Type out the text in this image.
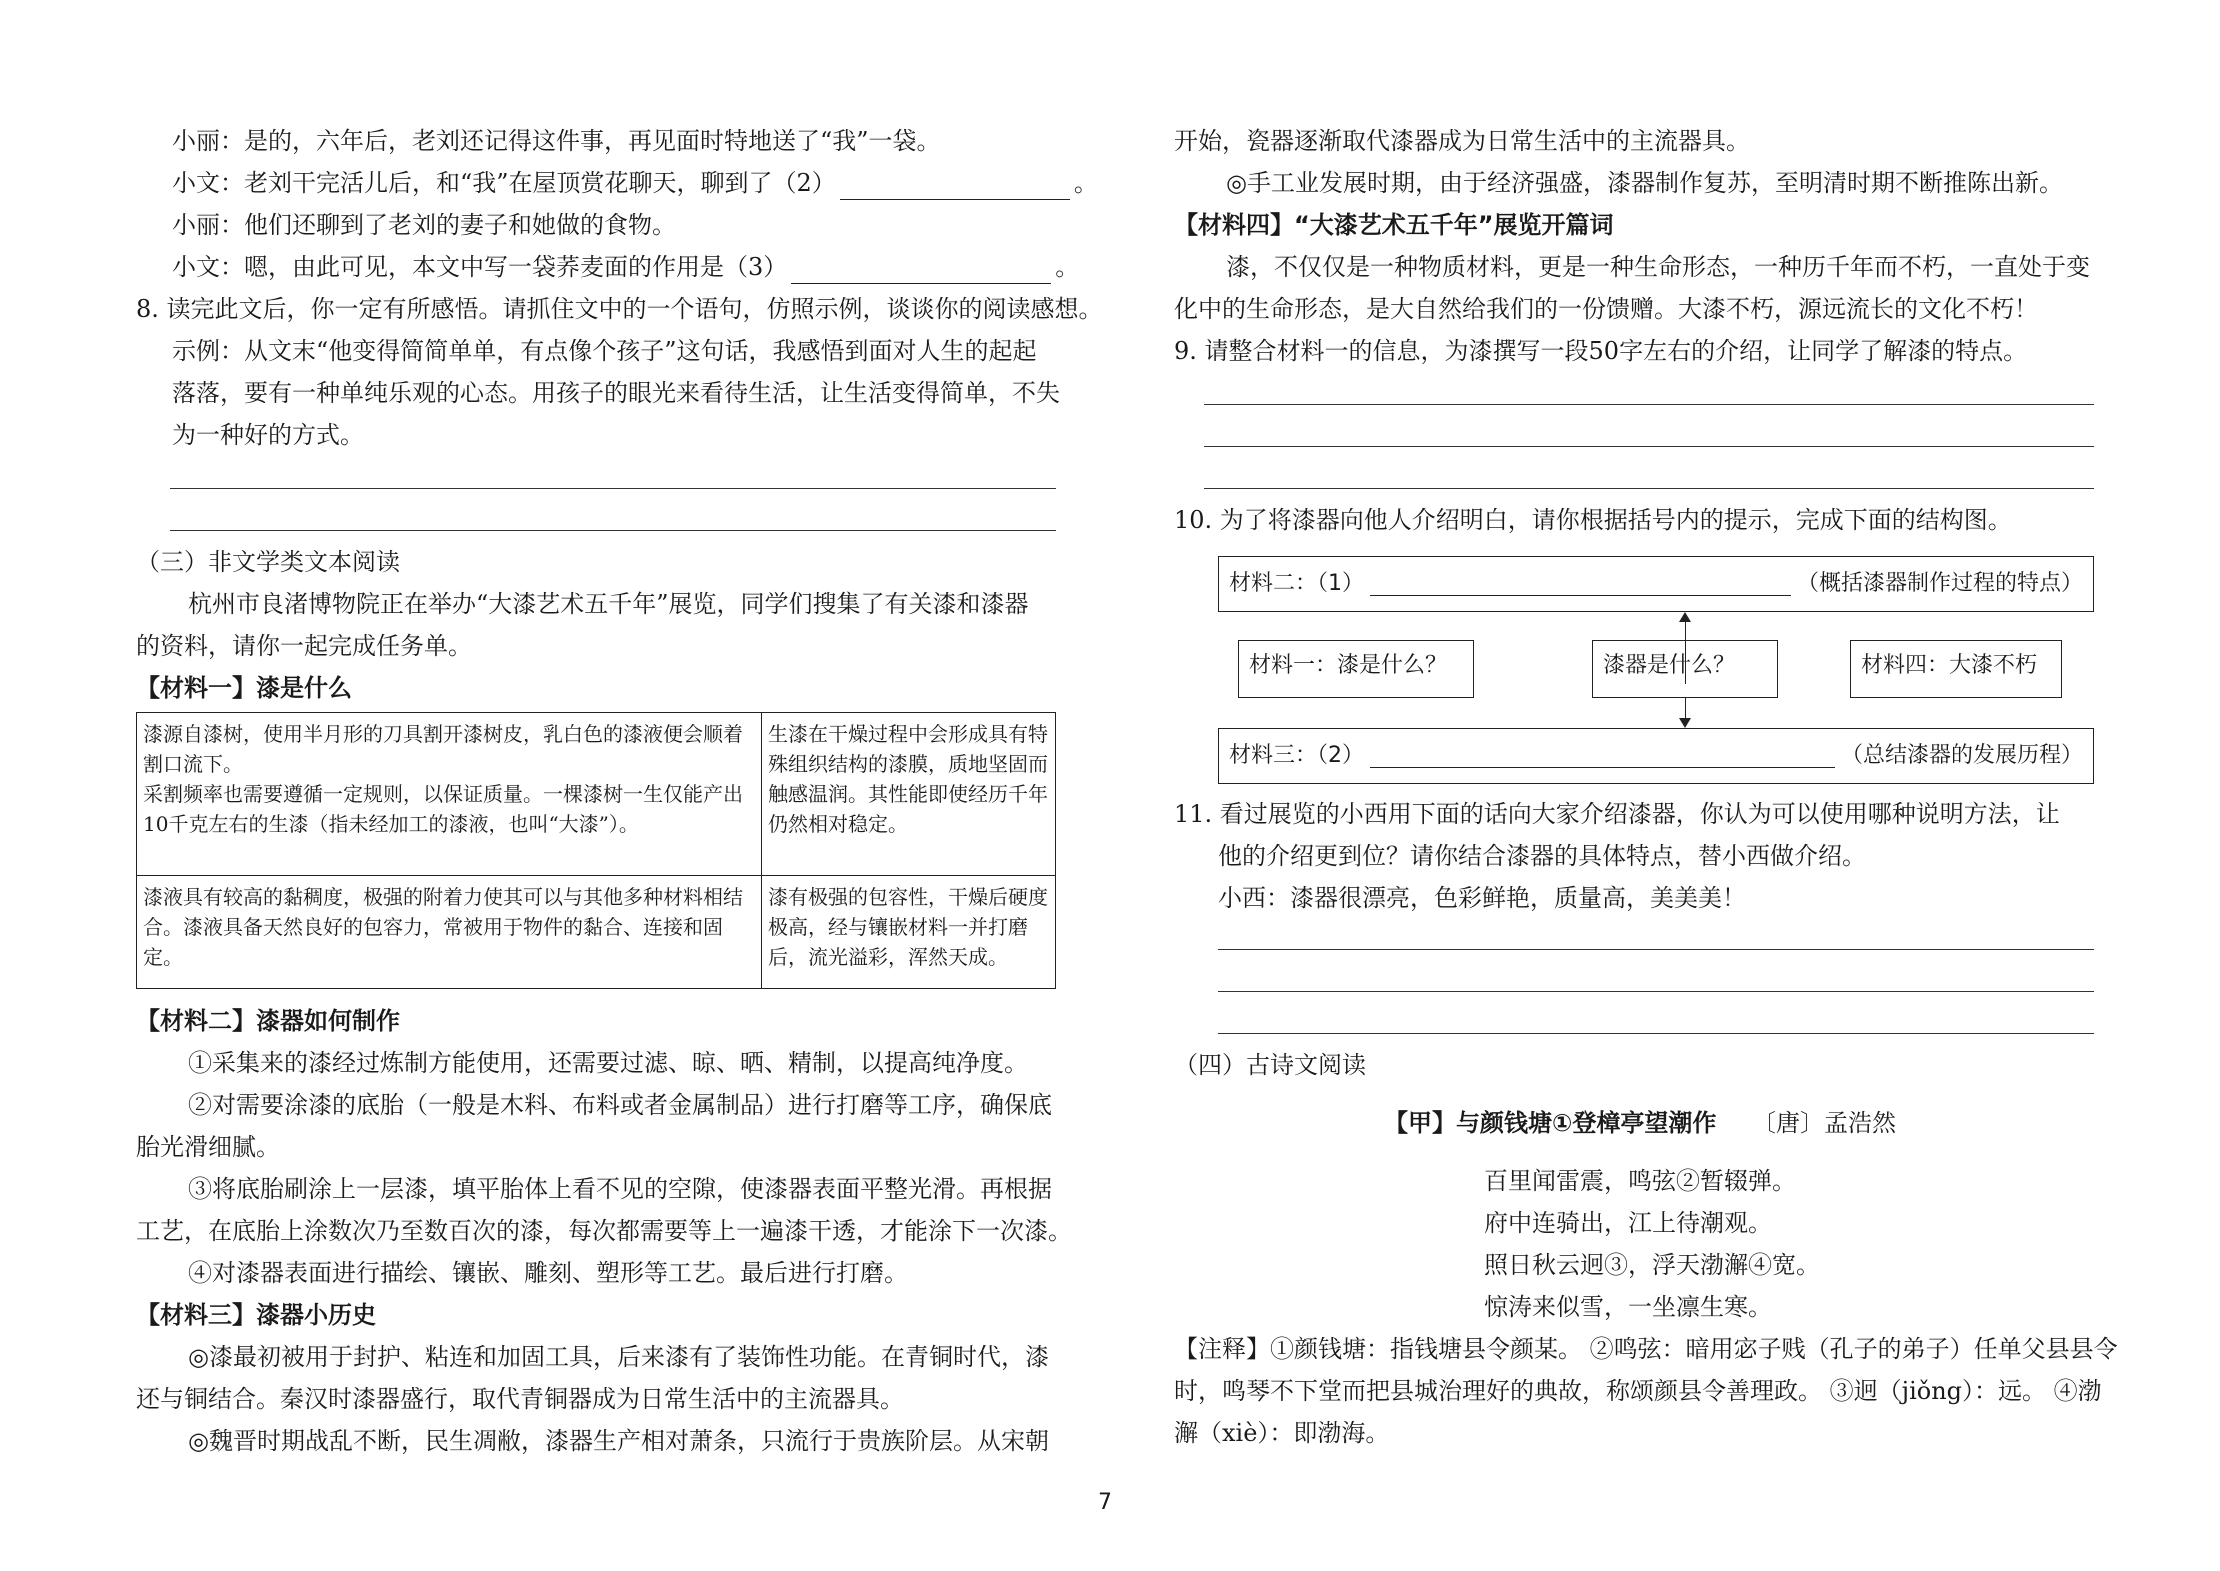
小丽：是的，六年后，老刘还记得这件事，再见面时特地送了“我”一袋。
小文：老刘干完活儿后，和“我”在屋顶赏花聊天，聊到了（2）	。
小丽：他们还聊到了老刘的妻子和她做的食物。
小文：嗯，由此可见，本文中写一袋荞麦面的作用是（3）	。
8. 读完此文后，你一定有所感悟。请抓住文中的一个语句，仿照示例，谈谈你的阅读感想。
示例：从文末“他变得简简单单，有点像个孩子”这句话，我感悟到面对人生的起起
落落，要有一种单纯乐观的心态。用孩子的眼光来看待生活，让生活变得简单，不失
为一种好的方式。
（三）非文学类文本阅读
杭州市良渚博物院正在举办“大漆艺术五千年”展览，同学们搜集了有关漆和漆器
的资料，请你一起完成任务单。
【材料一】漆是什么
漆源自漆树，使用半月形的刀具割开漆树皮，乳白色的漆液便会顺着割口流下。
采割频率也需要遵循一定规则，以保证质量。一棵漆树一生仅能产出10千克左右的生漆（指未经加工的漆液，也叫“大漆”）。	生漆在干燥过程中会形成具有特殊组织结构的漆膜，质地坚固而触感温润。其性能即使经历千年仍然相对稳定。
漆液具有较高的黏稠度，极强的附着力使其可以与其他多种材料相结合。漆液具备天然良好的包容力，常被用于物件的黏合、连接和固定。	漆有极强的包容性，干燥后硬度极高，经与镶嵌材料一并打磨后，流光溢彩，浑然天成。
【材料二】漆器如何制作
①采集来的漆经过炼制方能使用，还需要过滤、晾、晒、精制，以提高纯净度。
②对需要涂漆的底胎（一般是木料、布料或者金属制品）进行打磨等工序，确保底
胎光滑细腻。
③将底胎刷涂上一层漆，填平胎体上看不见的空隙，使漆器表面平整光滑。再根据
工艺，在底胎上涂数次乃至数百次的漆，每次都需要等上一遍漆干透，才能涂下一次漆。
④对漆器表面进行描绘、镶嵌、雕刻、塑形等工艺。最后进行打磨。
【材料三】漆器小历史
◎漆最初被用于封护、粘连和加固工具，后来漆有了装饰性功能。在青铜时代，漆
还与铜结合。秦汉时漆器盛行，取代青铜器成为日常生活中的主流器具。
◎魏晋时期战乱不断，民生凋敝，漆器生产相对萧条，只流行于贵族阶层。从宋朝
开始，瓷器逐渐取代漆器成为日常生活中的主流器具。
◎手工业发展时期，由于经济强盛，漆器制作复苏，至明清时期不断推陈出新。
【材料四】“大漆艺术五千年”展览开篇词
漆，不仅仅是一种物质材料，更是一种生命形态，一种历千年而不朽，一直处于变
化中的生命形态，是大自然给我们的一份馈赠。大漆不朽，源远流长的文化不朽！
9. 请整合材料一的信息，为漆撰写一段50字左右的介绍，让同学了解漆的特点。
10. 为了将漆器向他人介绍明白，请你根据括号内的提示，完成下面的结构图。
材料二：（1）	（概括漆器制作过程的特点）
材料一：漆是什么？	漆器是什么？	材料四：大漆不朽
材料三：（2）	（总结漆器的发展历程）
11. 看过展览的小西用下面的话向大家介绍漆器，你认为可以使用哪种说明方法，让
他的介绍更到位？请你结合漆器的具体特点，替小西做介绍。
小西：漆器很漂亮，色彩鲜艳，质量高，美美美！
（四）古诗文阅读
【甲】与颜钱塘①登樟亭望潮作 〔唐〕孟浩然
百里闻雷震，鸣弦②暂辍弹。
府中连骑出，江上待潮观。
照日秋云迥③，浮天渤澥④宽。
惊涛来似雪，一坐凛生寒。
【注释】①颜钱塘：指钱塘县令颜某。 ②鸣弦：暗用宓子贱（孔子的弟子）任单父县县令
时，鸣琴不下堂而把县城治理好的典故，称颂颜县令善理政。 ③迥（jiǒng）：远。 ④渤
澥（xiè）：即渤海。
7
